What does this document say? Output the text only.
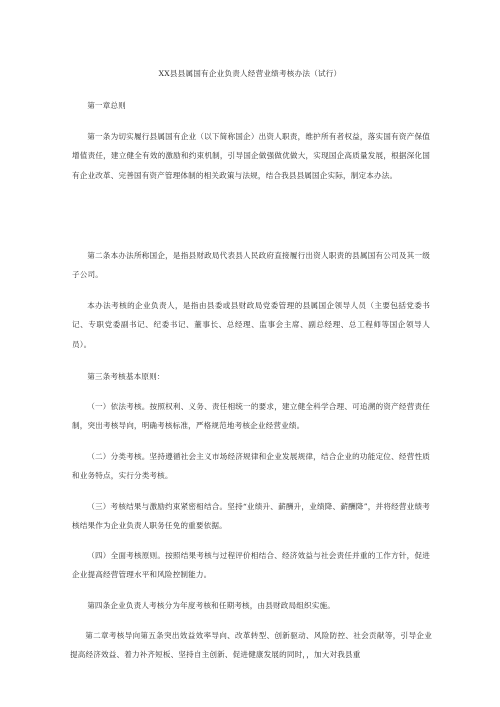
XX县县属国有企业负责人经营业绩考核办法（试行）

第一章总则

第一条为切实履行县属国有企业（以下简称国企）出资人职责，维护所有者权益，落实国有资产保值增值责任，建立健全有效的激励和约束机制，引导国企做强做优做大，实现国企高质量发展，根据深化国有企业改革、完善国有资产管理体制的相关政策与法规，结合我县县属国企实际，制定本办法。

第二条本办法所称国企，是指县财政局代表县人民政府直接履行出资人职责的县属国有公司及其一级子公司。

本办法考核的企业负责人，是指由县委或县财政局党委管理的县属国企领导人员（主要包括党委书记、专职党委副书记、纪委书记、董事长、总经理、监事会主席、副总经理、总工程师等国企领导人员）。

第三条考核基本原则：

（一）依法考核。按照权利、义务、责任相统一的要求，建立健全科学合理、可追溯的资产经营责任制，突出考核导向，明确考核标准，严格规范地考核企业经营业绩。

（二）分类考核。坚持遵循社会主义市场经济规律和企业发展规律，结合企业的功能定位、经营性质和业务特点，实行分类考核。

（三）考核结果与激励约束紧密相结合。坚持“业绩升、薪酬升，业绩降、薪酬降”，并将经营业绩考核结果作为企业负责人职务任免的重要依据。

（四）全面考核原则。按照结果考核与过程评价相结合、经济效益与社会责任并重的工作方针，促进企业提高经营管理水平和风险控制能力。

第四条企业负责人考核分为年度考核和任期考核，由县财政局组织实施。

第二章考核导向第五条突出效益效率导向、改革转型、创新驱动、风险防控、社会贡献等，引导企业提高经济效益、着力补齐短板、坚持自主创新、促进健康发展的同时，，加大对我县重
